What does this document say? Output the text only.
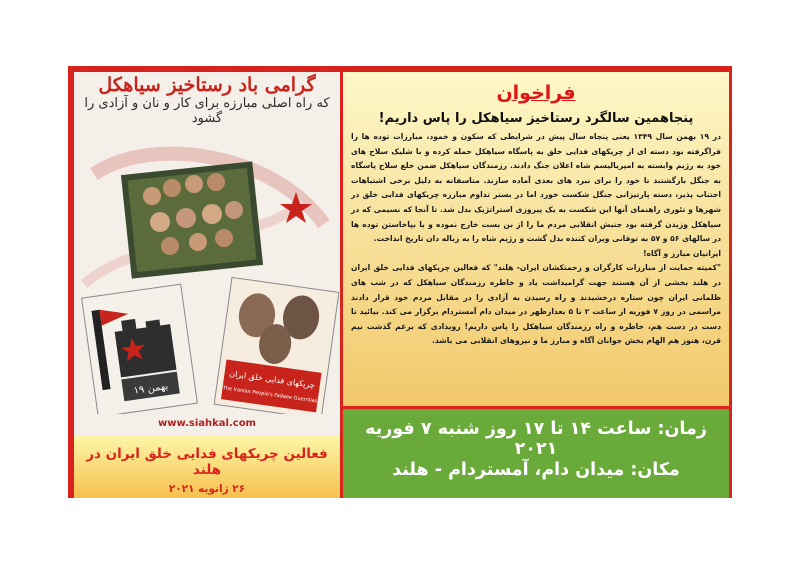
گرامی باد رستاخیز سیاهکل
که راه اصلی مبارزه برای کار و نان و آزادی را گشود
۱۹ بهمن	چریکهای فدایی خلق ایران
The Iranian People's Fadaee Guerrillas
www.siahkal.com
فعالین چریکهای فدایی خلق ایران در هلند
۲۶ ژانویه ۲۰۲۱
فراخوان
پنجاهمین سالگرد رستاخیز سیاهکل را پاس داریم!

در ۱۹ بهمن سال ۱۳۴۹ یعنی پنجاه سال پیش در شرایطی که سکون و خمود، مبارزات توده ها را فراگرفته بود دسته ای از چریکهای فدایی خلق به پاسگاه سیاهکل حمله کرده و با شلیک سلاح های خود به رژیم وابسته به امپریالیسم شاه اعلان جنگ دادند. رزمندگان سیاهکل ضمن خلع سلاح پاسگاه به جنگل بازگشتند تا خود را برای نبرد های بعدی آماده سازند. متاسفانه به دلیل برخی اشتباهات اجتناب پذیر، دسته پارتیزانی جنگل شکست خورد اما در بستر تداوم مبارزه چریکهای فدایی خلق در شهرها و تئوری راهنمای آنها این شکست به یک پیروزی استراتژیک بدل شد. تا آنجا که نسیمی که در سیاهکل وزیدن گرفته بود جنبش انقلابی مردم ما را از بن بست خارج نموده و با بپاخاستن توده ها در سالهای ۵۶ و ۵۷ به توفانی ویران کننده بدل گشت و رژیم شاه را به زباله دان تاریخ انداخت.

ایرانیان مبارز و آگاه!

"کمیته حمایت از مبارزات کارگران و زحمتکشان ایران- هلند" که فعالین چریکهای فدایی خلق ایران در هلند بخشی از آن هستند جهت گرامیداشت یاد و خاطره رزمندگان سیاهکل که در شب های ظلمانی ایران چون ستاره درخشیدند و راه رسیدن به آزادی را در مقابل مردم خود قرار دادند مراسمی در روز ۷ فوریه از ساعت ۲ تا ۵ بعدازظهر در میدان دام آمستردام برگزار می کند. بیائید تا دست در دست هم، خاطره و راه رزمندگان سیاهکل را پاس داریم! رویدادی که برغم گذشت نیم قرن، هنوز هم الهام بخش جوانان آگاه و مبارز ما و نیروهای انقلابی می باشد.

زمان: ساعت ۱۴ تا ۱۷ روز شنبه ۷ فوریه ۲۰۲۱
مکان: میدان دام، آمستردام - هلند
